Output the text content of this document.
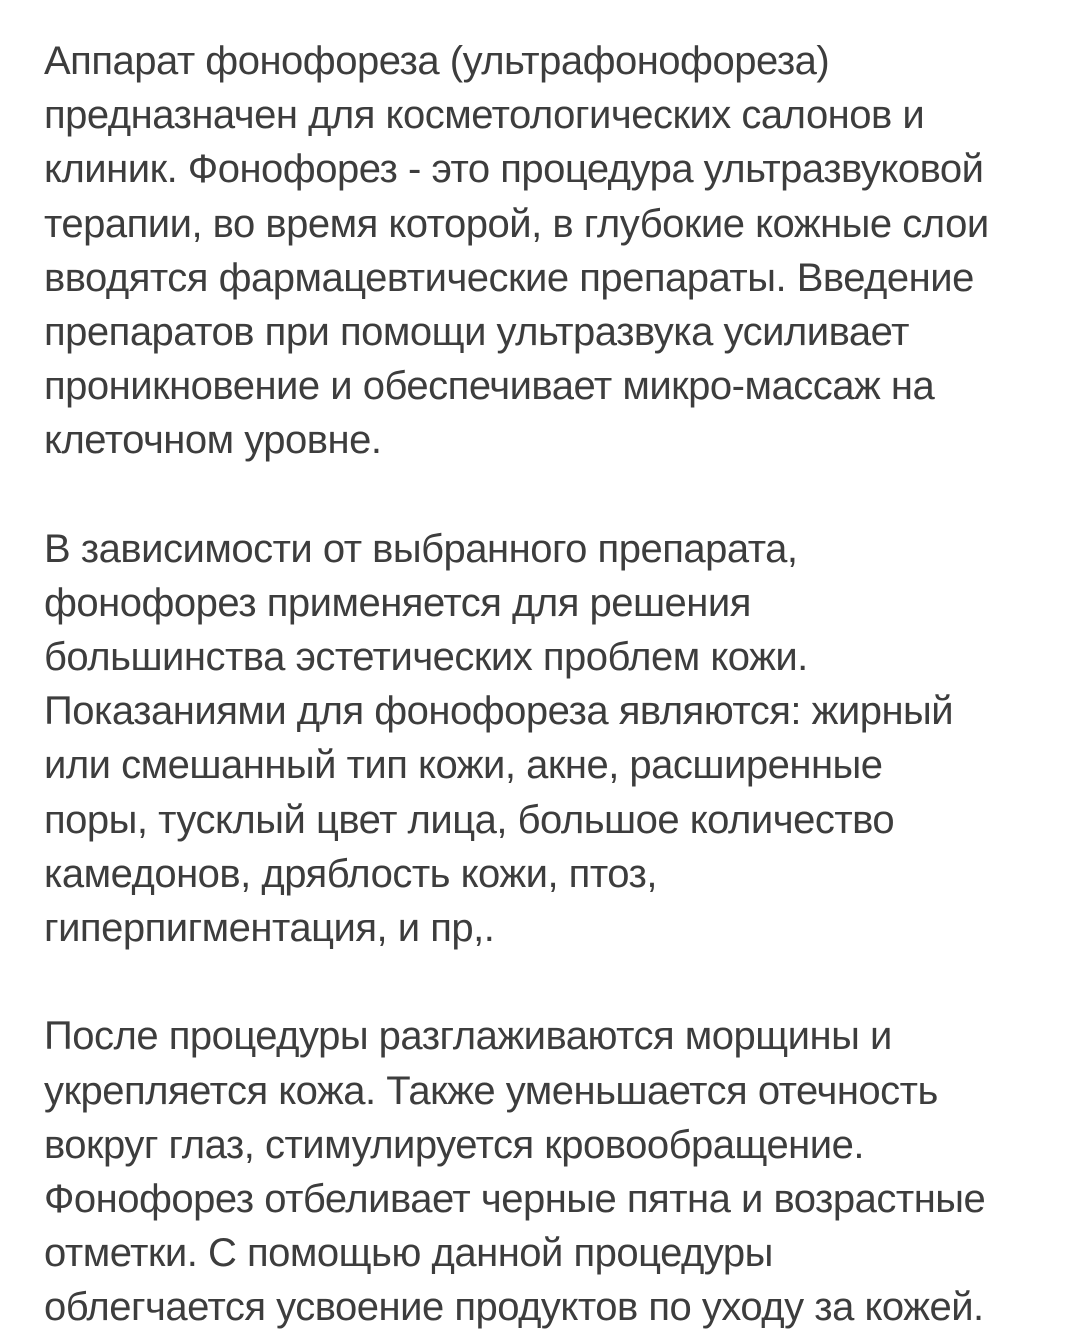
Аппарат фонофореза (ультрафонофореза)
предназначен для косметологических салонов и
клиник. Фонофорез - это процедура ультразвуковой
терапии, во время которой, в глубокие кожные слои
вводятся фармацевтические препараты. Введение
препаратов при помощи ультразвука усиливает
проникновение и обеспечивает микро-массаж на
клеточном уровне.

В зависимости от выбранного препарата,
фонофорез применяется для решения
большинства эстетических проблем кожи.
Показаниями для фонофореза являются: жирный
или смешанный тип кожи, акне, расширенные
поры, тусклый цвет лица, большое количество
камедонов, дряблость кожи, птоз,
гиперпигментация, и пр,.

После процедуры разглаживаются морщины и
укрепляется кожа. Также уменьшается отечность
вокруг глаз, стимулируется кровообращение.
Фонофорез отбеливает черные пятна и возрастные
отметки. С помощью данной процедуры
облегчается усвоение продуктов по уходу за кожей.
